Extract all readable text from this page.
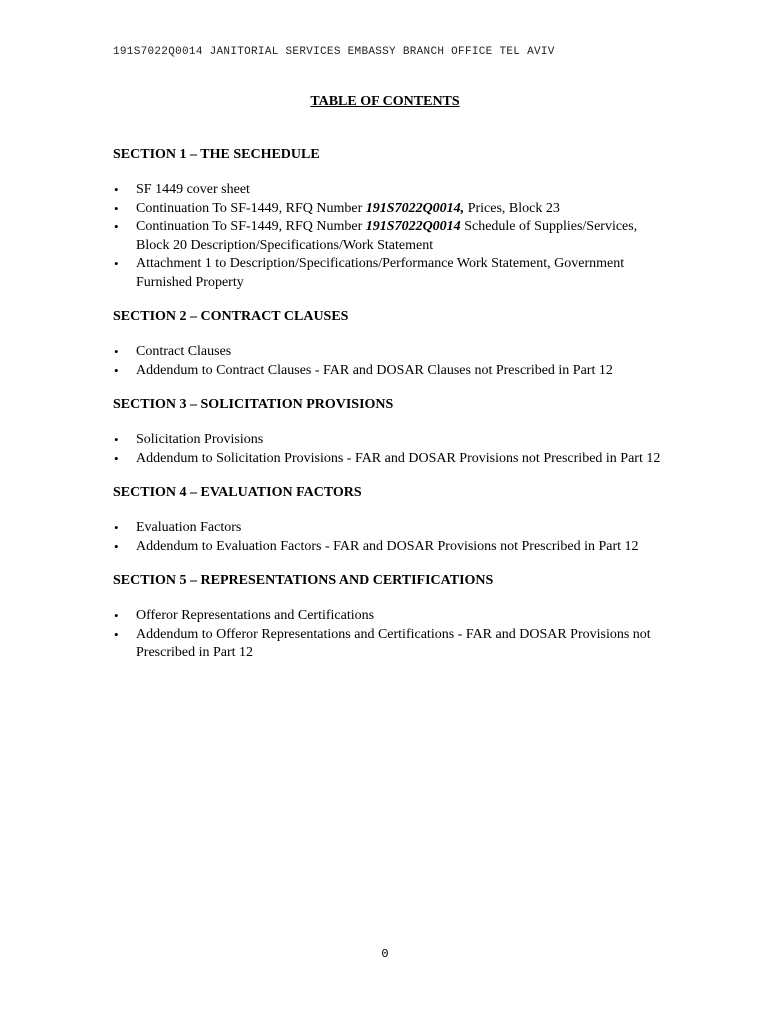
191S7022Q0014 JANITORIAL SERVICES EMBASSY BRANCH OFFICE TEL AVIV
TABLE OF CONTENTS
SECTION 1 – THE SECHEDULE
• SF 1449 cover sheet
• Continuation To SF-1449, RFQ Number 191S7022Q0014, Prices, Block 23
• Continuation To SF-1449, RFQ Number 191S7022Q0014 Schedule of Supplies/Services, Block 20 Description/Specifications/Work Statement
• Attachment 1 to Description/Specifications/Performance Work Statement, Government Furnished Property
SECTION 2 – CONTRACT CLAUSES
• Contract Clauses
• Addendum to Contract Clauses - FAR and DOSAR Clauses not Prescribed in Part 12
SECTION 3 – SOLICITATION PROVISIONS
• Solicitation Provisions
• Addendum to Solicitation Provisions - FAR and DOSAR Provisions not Prescribed in Part 12
SECTION 4 – EVALUATION FACTORS
• Evaluation Factors
• Addendum to Evaluation Factors - FAR and DOSAR Provisions not Prescribed in Part 12
SECTION 5 – REPRESENTATIONS AND CERTIFICATIONS
• Offeror Representations and Certifications
• Addendum to Offeror Representations and Certifications - FAR and DOSAR Provisions not Prescribed in Part 12
0
